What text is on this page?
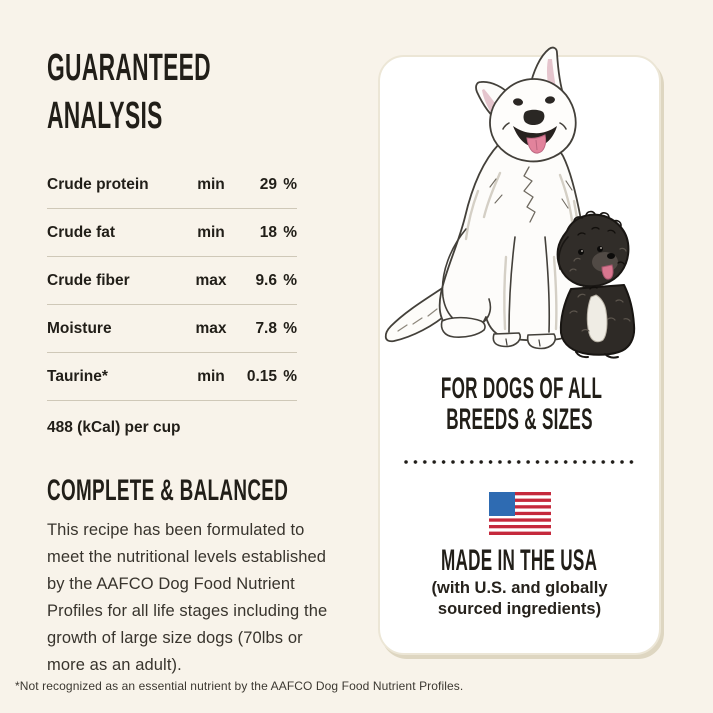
GUARANTEED
ANALYSIS
Crude protein	min	29 %
Crude fat	min	18 %
Crude fiber	max	9.6 %
Moisture	max	7.8 %
Taurine*	min	0.15 %
488 (kCal) per cup
COMPLETE & BALANCED

This recipe has been formulated to meet the nutritional levels established by the AAFCO Dog Food Nutrient Profiles for all life stages including the growth of large size dogs (70lbs or more as an adult).

FOR DOGS OF ALL
BREEDS & SIZES
MADE IN THE USA
(with U.S. and globally
sourced ingredients)
*Not recognized as an essential nutrient by the AAFCO Dog Food Nutrient Profiles.
